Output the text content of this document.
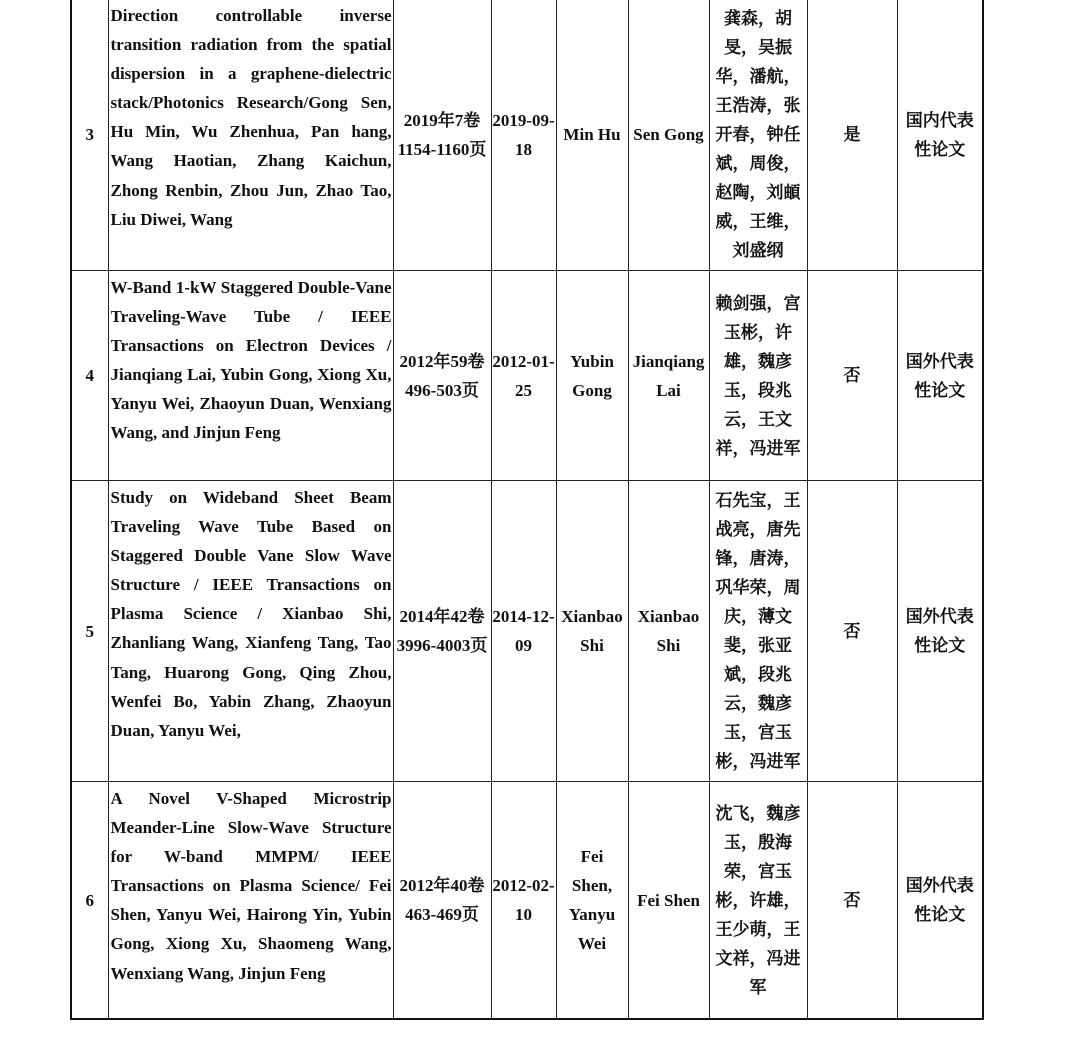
3	Direction controllable inverse transition radiation from the spatial dispersion in a graphene-dielectric stack/Photonics Research/Gong Sen, Hu Min, Wu Zhenhua, Pan hang, Wang Haotian, Zhang Kaichun, Zhong Renbin, Zhou Jun, Zhao Tao, Liu Diwei, Wang	2019年7卷1154-1160页	2019-09-18	Min Hu	Sen Gong	龚森，胡旻，吴振华，潘航，王浩涛，张开春，钟任斌，周俊，赵陶，刘頔威，王维，刘盛纲	是	国内代表性论文
4	W-Band 1-kW Staggered Double-Vane Traveling-Wave Tube / IEEE Transactions on Electron Devices / Jianqiang Lai, Yubin Gong, Xiong Xu, Yanyu Wei, Zhaoyun Duan, Wenxiang Wang, and Jinjun Feng	2012年59卷496-503页	2012-01-25	Yubin Gong	Jianqiang Lai	赖剑强，宫玉彬，许雄，魏彦玉，段兆云，王文祥，冯进军	否	国外代表性论文
5	Study on Wideband Sheet Beam Traveling Wave Tube Based on Staggered Double Vane Slow Wave Structure / IEEE Transactions on Plasma Science / Xianbao Shi, Zhanliang Wang, Xianfeng Tang, Tao Tang, Huarong Gong, Qing Zhou, Wenfei Bo, Yabin Zhang, Zhaoyun Duan, Yanyu Wei,	2014年42卷3996-4003页	2014-12-09	Xianbao Shi	Xianbao Shi	石先宝，王战亮，唐先锋，唐涛，巩华荣，周庆，薄文斐，张亚斌，段兆云，魏彦玉，宫玉彬，冯进军	否	国外代表性论文
6	A Novel V-Shaped Microstrip Meander-Line Slow-Wave Structure for W-band MMPM/ IEEE Transactions on Plasma Science/ Fei Shen, Yanyu Wei, Hairong Yin, Yubin Gong, Xiong Xu, Shaomeng Wang, Wenxiang Wang, Jinjun Feng	2012年40卷463-469页	2012-02-10	Fei Shen, Yanyu Wei	Fei Shen	沈飞，魏彦玉，殷海荣，宫玉彬，许雄，王少萌，王文祥，冯进军	否	国外代表性论文
